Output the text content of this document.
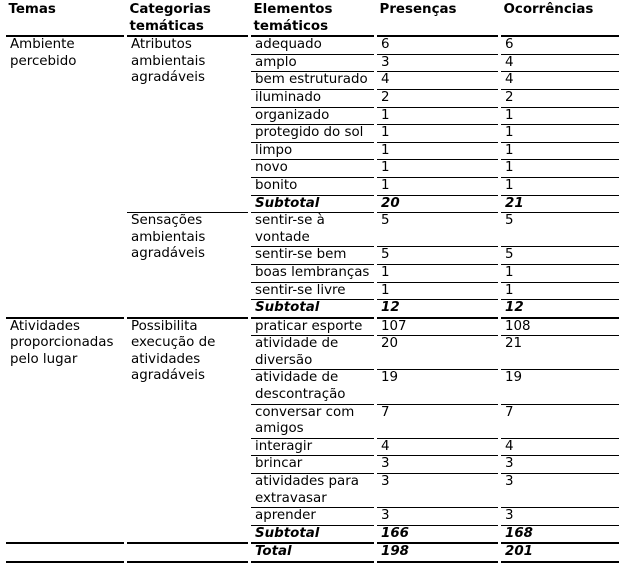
Temas	Categorias temáticas	Elementos temáticos	Presenças	Ocorrências
Ambiente percebido	Atributos ambientais agradáveis	adequado	6	6
		amplo	3	4
		bem estruturado	4	4
		iluminado	2	2
		organizado	1	1
		protegido do sol	1	1
		limpo	1	1
		novo	1	1
		bonito	1	1
		Subtotal	20	21
	Sensações ambientais agradáveis	sentir-se à vontade	5	5
		sentir-se bem	5	5
		boas lembranças	1	1
		sentir-se livre	1	1
		Subtotal	12	12
Atividades proporcionadas pelo lugar	Possibilita execução de atividades agradáveis	praticar esporte	107	108
		atividade de diversão	20	21
		atividade de descontração	19	19
		conversar com amigos	7	7
		interagir	4	4
		brincar	3	3
		atividades para extravasar	3	3
		aprender	3	3
		Subtotal	166	168
		Total	198	201
